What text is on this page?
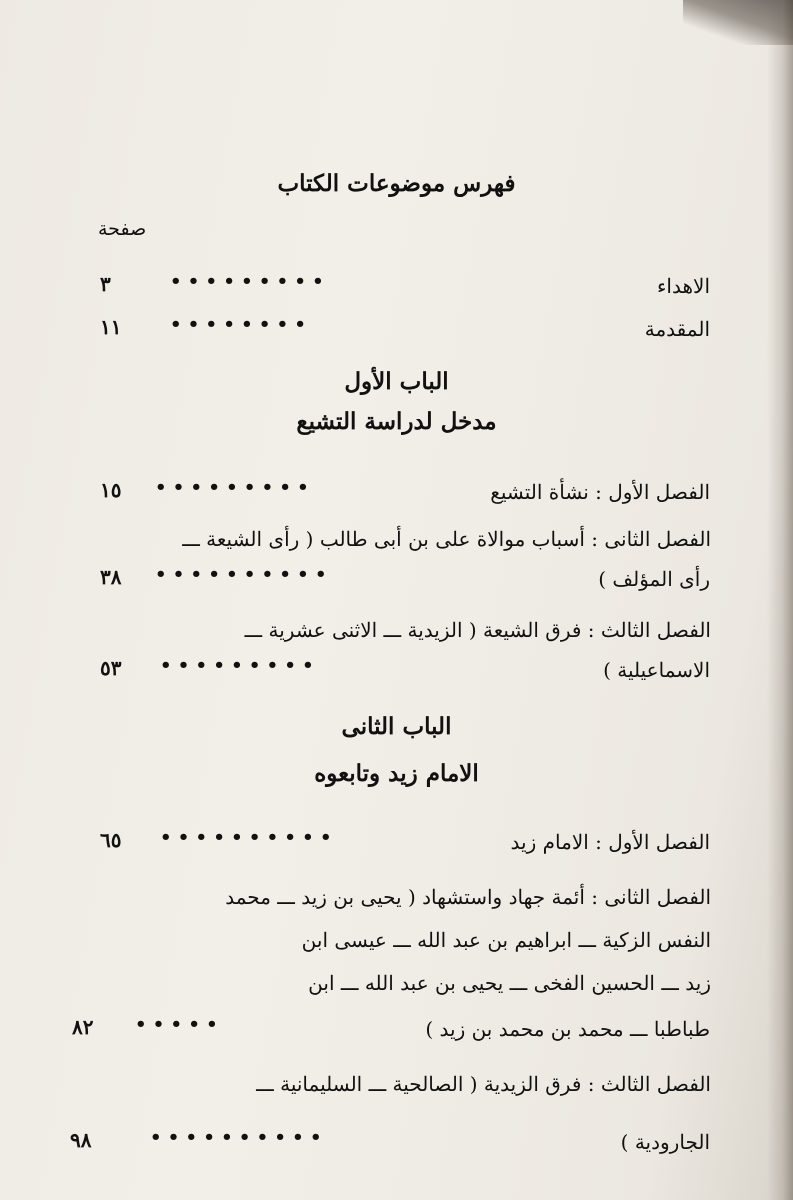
فهرس موضوعات الكتاب
صفحة
الاهداء
• • • • • • • • •
٣
المقدمة
• • • • • • • •
١١
الباب الأول
مدخل لدراسة التشيع
الفصل الأول : نشأة التشيع
• • • • • • • • •
١٥
الفصل الثانى : أسباب موالاة على بن أبى طالب ( رأى الشيعة ـــ
رأى المؤلف )
• • • • • • • • • •
٣٨
الفصل الثالث : فرق الشيعة ( الزيدية ـــ الاثنى عشرية ـــ
الاسماعيلية )
• • • • • • • • •
٥٣
الباب الثانى
الامام زيد وتابعوه
الفصل الأول : الامام زيد
• • • • • • • • • •
٦٥
الفصل الثانى : أئمة جهاد واستشهاد ( يحيى بن زيد ـــ محمد
النفس الزكية ـــ ابراهيم بن عبد الله ـــ عيسى ابن
زيد ـــ الحسين الفخى ـــ يحيى بن عبد الله ـــ ابن
طباطبا ـــ محمد بن محمد بن زيد )
• • • • •
٨٢
الفصل الثالث : فرق الزيدية ( الصالحية ـــ السليمانية ـــ
الجارودية )
• • • • • • • • • •
٩٨
